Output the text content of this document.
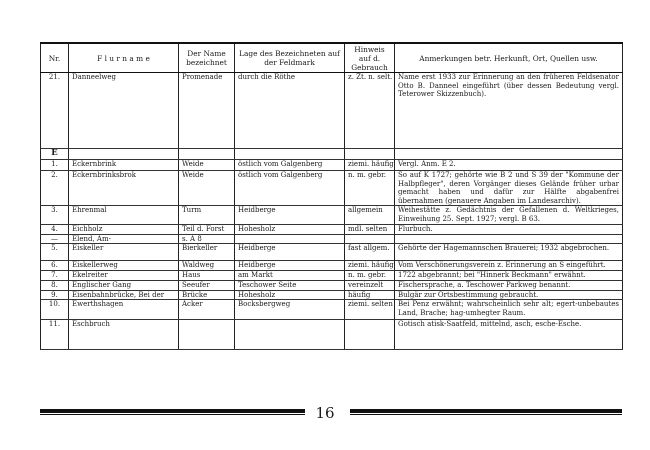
Nr.	F l u r n a m e	Der Name bezeichnet	Lage des Bezeichneten auf der Feldmark	Hinweis auf d. Gebrauch	Anmerkungen betr. Herkunft, Ort, Quellen usw.
21.	Danneelweg	Promenade	durch die Röthe	z. Zt. n. selt.	Name erst 1933 zur Erinnerung an den früheren Feldsenator Otto B. Danneel eingeführt (über dessen Bedeutung vergl. Teterower Skizzenbuch).
E					
1.	Eckernbrink	Weide	östlich vom Galgenberg	ziemi. häufig	Vergl. Anm. E 2.
2.	Eckernbrinksbrok	Weide	östlich vom Galgenberg	n. m. gebr.	So auf K 1727; gehörte wie B 2 und S 39 der "Kommune der Halbpfleger", deren Vorgänger dieses Gelände früher urbar gemacht haben und dafür zur Hälfte abgabenfrei übernahmen (genauere Angaben im Landesarchiv).
3.	Ehrenmal	Turm	Heidberge	allgemein	Weihestätte z. Gedächtnis der Gefallenen d. Weltkrieges, Einweihung 25. Sept. 1927; vergl. B 63.
4.	Eichholz	Teil d. Forst	Hohesholz	mdl. selten	Flurbuch.
—	Elend, Am-	s. A 8			
5.	Eiskeller	Bierkeller	Heidberge	fast allgem.	Gehörte der Hagemannschen Brauerei; 1932 abgebrochen.
6.	Eiskellerweg	Waldweg	Heidberge	ziemi. häufig	Vom Verschönerungsverein z. Erinnerung an S eingeführt.
7.	Ekelreiter	Haus	am Markt	n. m. gebr.	1722 abgebrannt; bei "Hinnerk Beckmann" erwähnt.
8.	Englischer Gang	Seeufer	Teschower Seite	vereinzelt	Fischersprache, a. Teschower Parkweg benannt.
9.	Eisenbahnbrücke, Bei der	Brücke	Hohesholz	häufig	Bulgär zur Ortsbestimmung gebraucht.
10.	Ewerthshagen	Acker	Bocksbergweg	ziemi. selten	Bei Penz erwähnt; wahrscheinlich sehr alt; egert-unbebautes Land, Brache; hag-umhegter Raum.
11.	Eschbruch				Gotisch atisk-Saatfeld, mittelnd, asch, esche-Esche.
16
